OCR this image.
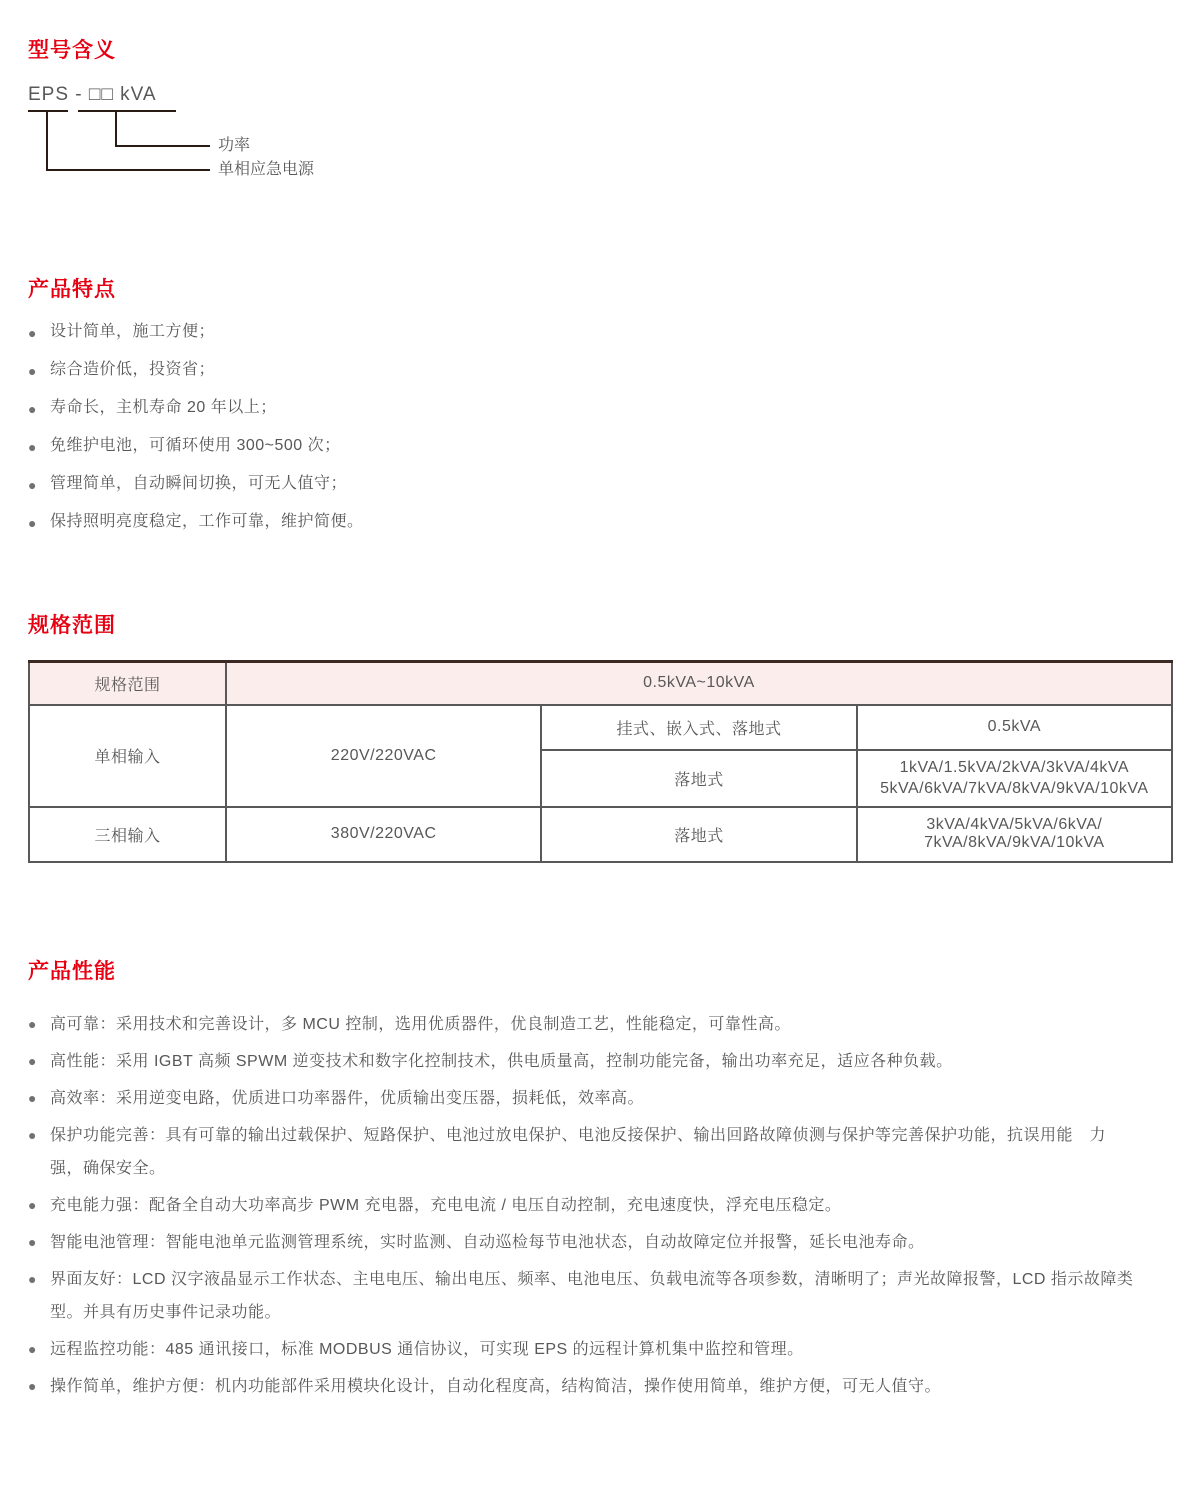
型号含义
EPS - □□ kVA
功率
单相应急电源
产品特点
● 设计简单，施工方便；
● 综合造价低，投资省；
● 寿命长，主机寿命 20 年以上；
● 免维护电池，可循环使用 300~500 次；
● 管理简单，自动瞬间切换，可无人值守；
● 保持照明亮度稳定，工作可靠，维护简便。
规格范围
规格范围	0.5kVA~10kVA		
单相输入	220V/220VAC	挂式、嵌入式、落地式	0.5kVA
		落地式	1kVA/1.5kVA/2kVA/3kVA/4kVA
5kVA/6kVA/7kVA/8kVA/9kVA/10kVA

三相输入	380V/220VAC	落地式	3kVA/4kVA/5kVA/6kVA/ 7kVA/8kVA/9kVA/10kVA
产品性能
● 高可靠：采用技术和完善设计，多 MCU 控制，选用优质器件，优良制造工艺，性能稳定，可靠性高。
● 高性能：采用 IGBT 高频 SPWM 逆变技术和数字化控制技术，供电质量高，控制功能完备，输出功率充足，适应各种负载。
● 高效率：采用逆变电路，优质进口功率器件，优质输出变压器，损耗低，效率高。
● 保护功能完善：具有可靠的输出过载保护、短路保护、电池过放电保护、电池反接保护、输出回路故障侦测与保护等完善保护功能，抗误用能　力强，确保安全。
● 充电能力强：配备全自动大功率高步 PWM 充电器，充电电流 / 电压自动控制，充电速度快，浮充电压稳定。
● 智能电池管理：智能电池单元监测管理系统，实时监测、自动巡检每节电池状态，自动故障定位并报警，延长电池寿命。
● 界面友好：LCD 汉字液晶显示工作状态、主电电压、输出电压、频率、电池电压、负载电流等各项参数，清晰明了；声光故障报警，LCD 指示故障类型。并具有历史事件记录功能。
● 远程监控功能：485 通讯接口，标准 MODBUS 通信协议，可实现 EPS 的远程计算机集中监控和管理。
● 操作简单，维护方便：机内功能部件采用模块化设计，自动化程度高，结构简洁，操作使用简单，维护方便，可无人值守。
